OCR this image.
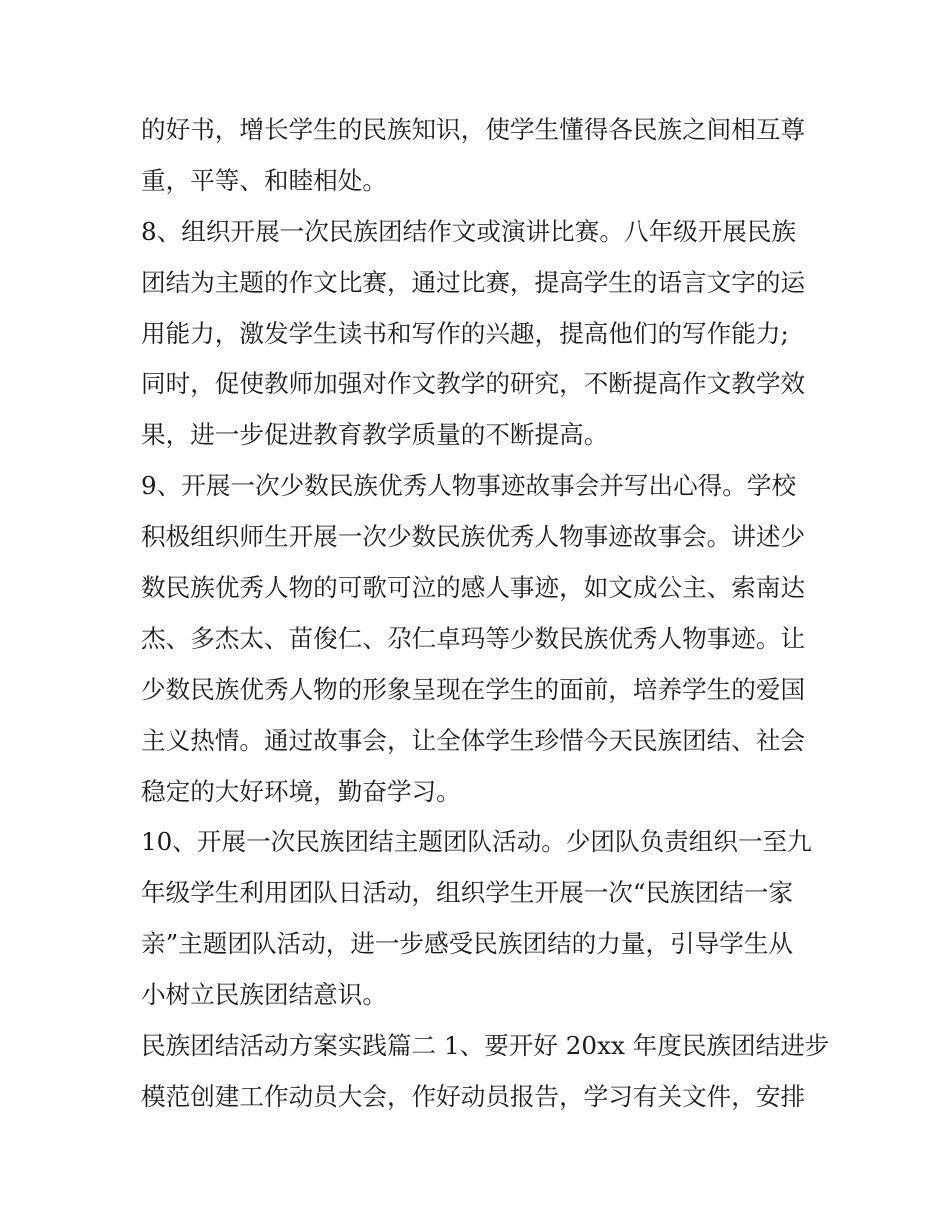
的好书，增长学生的民族知识，使学生懂得各民族之间相互尊
重，平等、和睦相处。
8、组织开展一次民族团结作文或演讲比赛。八年级开展民族
团结为主题的作文比赛，通过比赛，提高学生的语言文字的运
用能力，激发学生读书和写作的兴趣，提高他们的写作能力;
同时，促使教师加强对作文教学的研究，不断提高作文教学效
果，进一步促进教育教学质量的不断提高。
9、开展一次少数民族优秀人物事迹故事会并写出心得。学校
积极组织师生开展一次少数民族优秀人物事迹故事会。讲述少
数民族优秀人物的可歌可泣的感人事迹，如文成公主、索南达
杰、多杰太、苗俊仁、尕仁卓玛等少数民族优秀人物事迹。让
少数民族优秀人物的形象呈现在学生的面前，培养学生的爱国
主义热情。通过故事会，让全体学生珍惜今天民族团结、社会
稳定的大好环境，勤奋学习。
10、开展一次民族团结主题团队活动。少团队负责组织一至九
年级学生利用团队日活动，组织学生开展一次“民族团结一家
亲”主题团队活动，进一步感受民族团结的力量，引导学生从
小树立民族团结意识。
民族团结活动方案实践篇二 1、要开好 20xx 年度民族团结进步
模范创建工作动员大会，作好动员报告，学习有关文件，安排
